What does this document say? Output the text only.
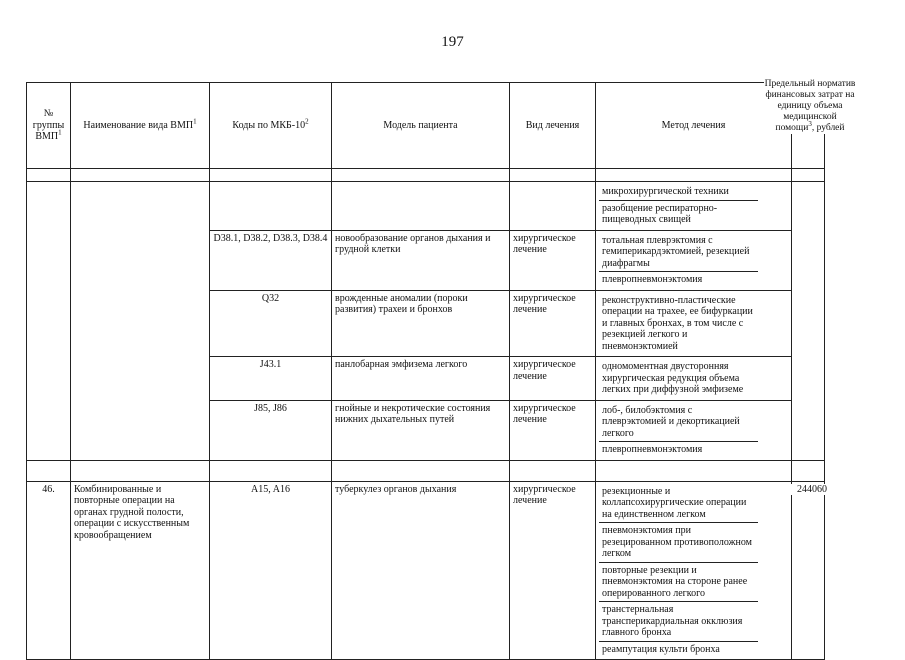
197
№ группы ВМП$^1$	Наименование вида ВМП$^1$	Коды по МКБ-$10^2$	Модель пациента	Вид лечения	Метод лечения	Предельный норматив финансовых затрат на единицу объема медицинской помощи$^3$, рублей

					микрохирургической техники
разобщение респираторно-пищеводных свищей	

		D38.1, D38.2, D38.3, D38.4	новообразование органов дыхания и грудной клетки	хирургическое лечение	тотальная плеврэктомия с гемиперикардэктомией, резекцией диафрагмы
плевропневмонэктомия	

		Q32	врожденные аномалии (пороки развития) трахеи и бронхов	хирургическое лечение	реконструктивно-пластические операции на трахее, ее бифуркации и главных бронхах, в том числе с резекцией легкого и пневмонэктомией	

		J43.1	панлобарная эмфизема легкого	хирургическое лечение	одномоментная двусторонняя хирургическая редукция объема легких при диффузной эмфиземе	

		J85, J86	гнойные и некротические состояния нижних дыхательных путей	хирургическое лечение	лоб-, билобэктомия с плеврэктомией и декортикацией легкого
плевропневмонэктомия	

46.	Комбинированные и повторные операции на органах грудной полости, операции с искусственным кровообращением	A15, A16	туберкулез органов дыхания	хирургическое лечение	резекционные и коллапсохирургические операции на единственном легком
пневмонэктомия при резецированном противоположном легком
повторные резекции и пневмонэктомия на стороне ранее оперированного легкого
транстернальная трансперикардиальная окклюзия главного бронха
реампутация культи бронха	244060
